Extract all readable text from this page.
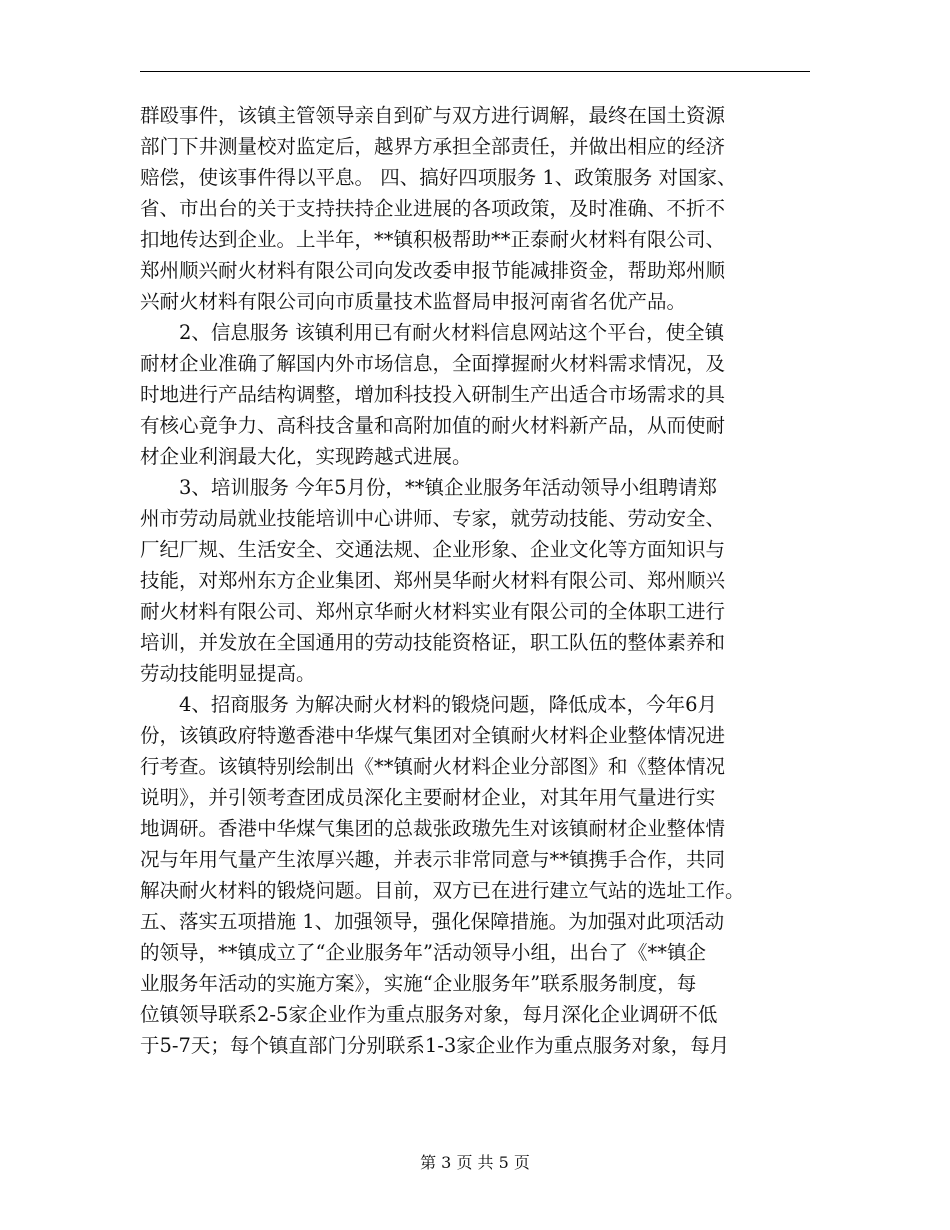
群殴事件，该镇主管领导亲自到矿与双方进行调解，最终在国土资源
部门下井测量校对监定后，越界方承担全部责任，并做出相应的经济
赔偿，使该事件得以平息。 四、搞好四项服务 1、政策服务 对国家、
省、市出台的关于支持扶持企业进展的各项政策，及时准确、不折不
扣地传达到企业。上半年，**镇积极帮助**正泰耐火材料有限公司、
郑州顺兴耐火材料有限公司向发改委申报节能减排资金，帮助郑州顺
兴耐火材料有限公司向市质量技术监督局申报河南省名优产品。
　　2、信息服务 该镇利用已有耐火材料信息网站这个平台，使全镇
耐材企业准确了解国内外市场信息，全面撑握耐火材料需求情况，及
时地进行产品结构调整，增加科技投入研制生产出适合市场需求的具
有核心竟争力、高科技含量和高附加值的耐火材料新产品，从而使耐
材企业利润最大化，实现跨越式进展。
　　3、培训服务 今年5月份，**镇企业服务年活动领导小组聘请郑
州市劳动局就业技能培训中心讲师、专家，就劳动技能、劳动安全、
厂纪厂规、生活安全、交通法规、企业形象、企业文化等方面知识与
技能，对郑州东方企业集团、郑州昊华耐火材料有限公司、郑州顺兴
耐火材料有限公司、郑州京华耐火材料实业有限公司的全体职工进行
培训，并发放在全国通用的劳动技能资格证，职工队伍的整体素养和
劳动技能明显提高。
　　4、招商服务 为解决耐火材料的锻烧问题，降低成本，今年6月
份，该镇政府特邀香港中华煤气集团对全镇耐火材料企业整体情况进
行考查。该镇特别绘制出《**镇耐火材料企业分部图》和《整体情况
说明》，并引领考查团成员深化主要耐材企业，对其年用气量进行实
地调研。香港中华煤气集团的总裁张政璈先生对该镇耐材企业整体情
况与年用气量产生浓厚兴趣，并表示非常同意与**镇携手合作，共同
解决耐火材料的锻烧问题。目前，双方已在进行建立气站的选址工作。
五、落实五项措施 1、加强领导，强化保障措施。为加强对此项活动
的领导，**镇成立了“企业服务年”活动领导小组，出台了《**镇企
业服务年活动的实施方案》，实施“企业服务年”联系服务制度，每
位镇领导联系2-5家企业作为重点服务对象，每月深化企业调研不低
于5-7天；每个镇直部门分别联系1-3家企业作为重点服务对象，每月
第 3 页 共 5 页
